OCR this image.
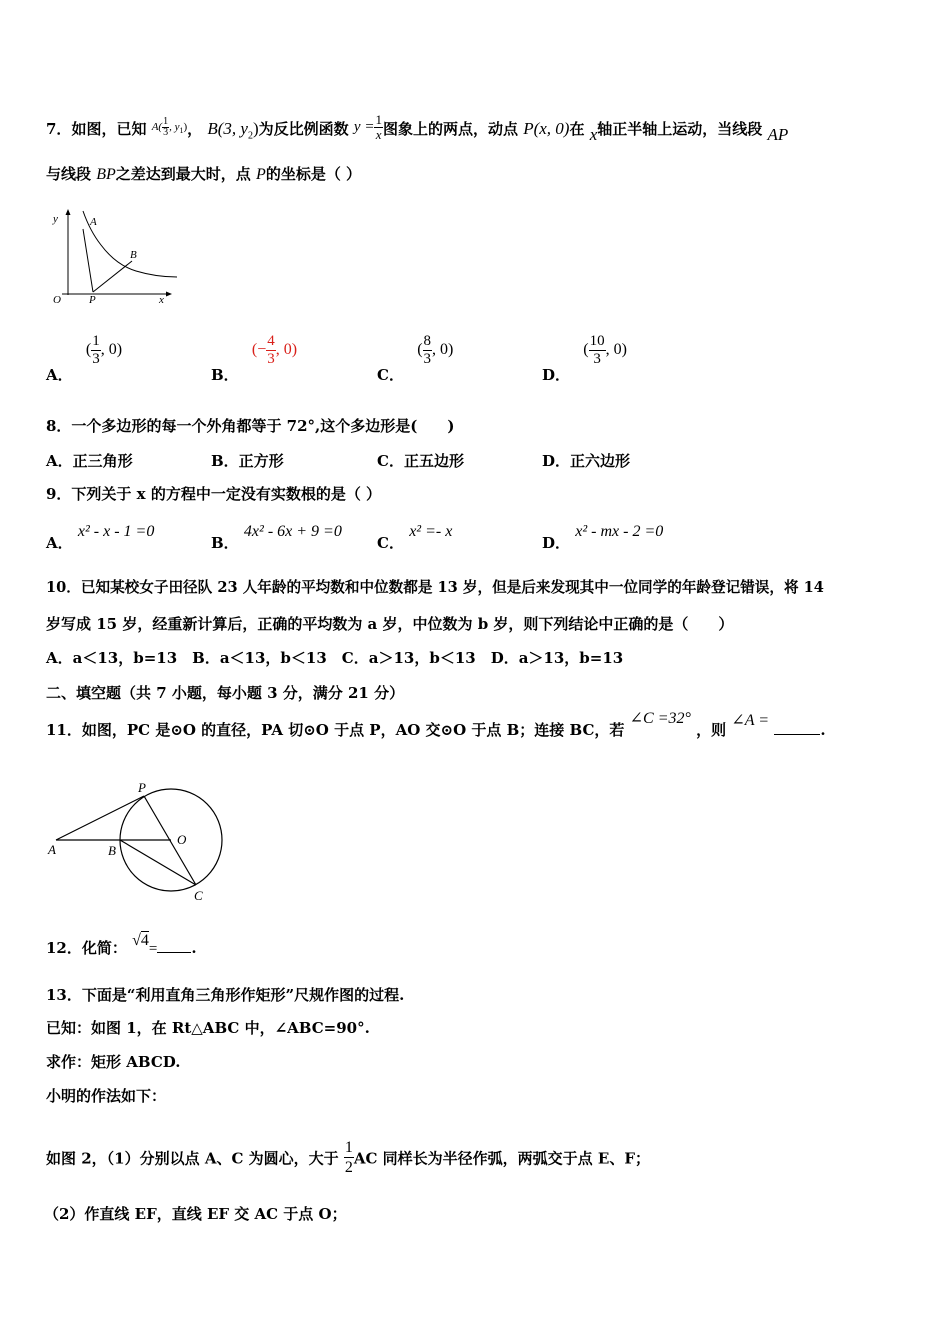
7．如图，已知 $^{A( \frac{1}{3} , y_1)}$， B(3, $y_2$)为反比例函数 $y = \frac{1}{x}$ 图象上的两点，动点 P(x, 0)在 x轴正半轴上运动，当线段 AP
与线段 BP之差达到最大时，点 P的坐标是（ ）
y	A
B
O	P	x
A． ( $\frac{1}{3}$ , 0)
B． (− $\frac{4}{3}$ , 0)
C． ( $\frac{8}{3}$ , 0)
D． ( $\frac{10}{3}$ , 0)
8．一个多边形的每一个外角都等于 72°,这个多边形是(　　)
A．正三角形	B．正方形	C．正五边形	D．正六边形
9．下列关于 x 的方程中一定没有实数根的是（ ）
A． x² - x - 1 =0
B． 4x² - 6x + 9 =0
C． x² =- x
D． x² - mx - 2 =0
10．已知某校女子田径队 23 人年龄的平均数和中位数都是 13 岁，但是后来发现其中一位同学的年龄登记错误，将 14
岁写成 15 岁，经重新计算后，正确的平均数为 a 岁，中位数为 b 岁，则下列结论中正确的是（　　）
A．a＜13，b=13　B．a＜13，b＜13　C．a＞13，b＜13　D．a＞13，b=13
二、填空题（共 7 小题，每小题 3 分，满分 21 分）
11．如图，PC 是⊙O 的直径，PA 切⊙O 于点 P，AO 交⊙O 于点 B；连接 BC，若 ∠C =32° ，则 ∠A = .
P
A	B
O
C
12．化简： √4= .
13．下面是“利用直角三角形作矩形”尺规作图的过程.
已知：如图 1，在 Rt△ABC 中，∠ABC=90°.
求作：矩形 ABCD.
小明的作法如下：
如图 2，（1）分别以点 A、C 为圆心，大于 $\frac{1}{2}$ AC 同样长为半径作弧，两弧交于点 E、F；
（2）作直线 EF，直线 EF 交 AC 于点 O；
